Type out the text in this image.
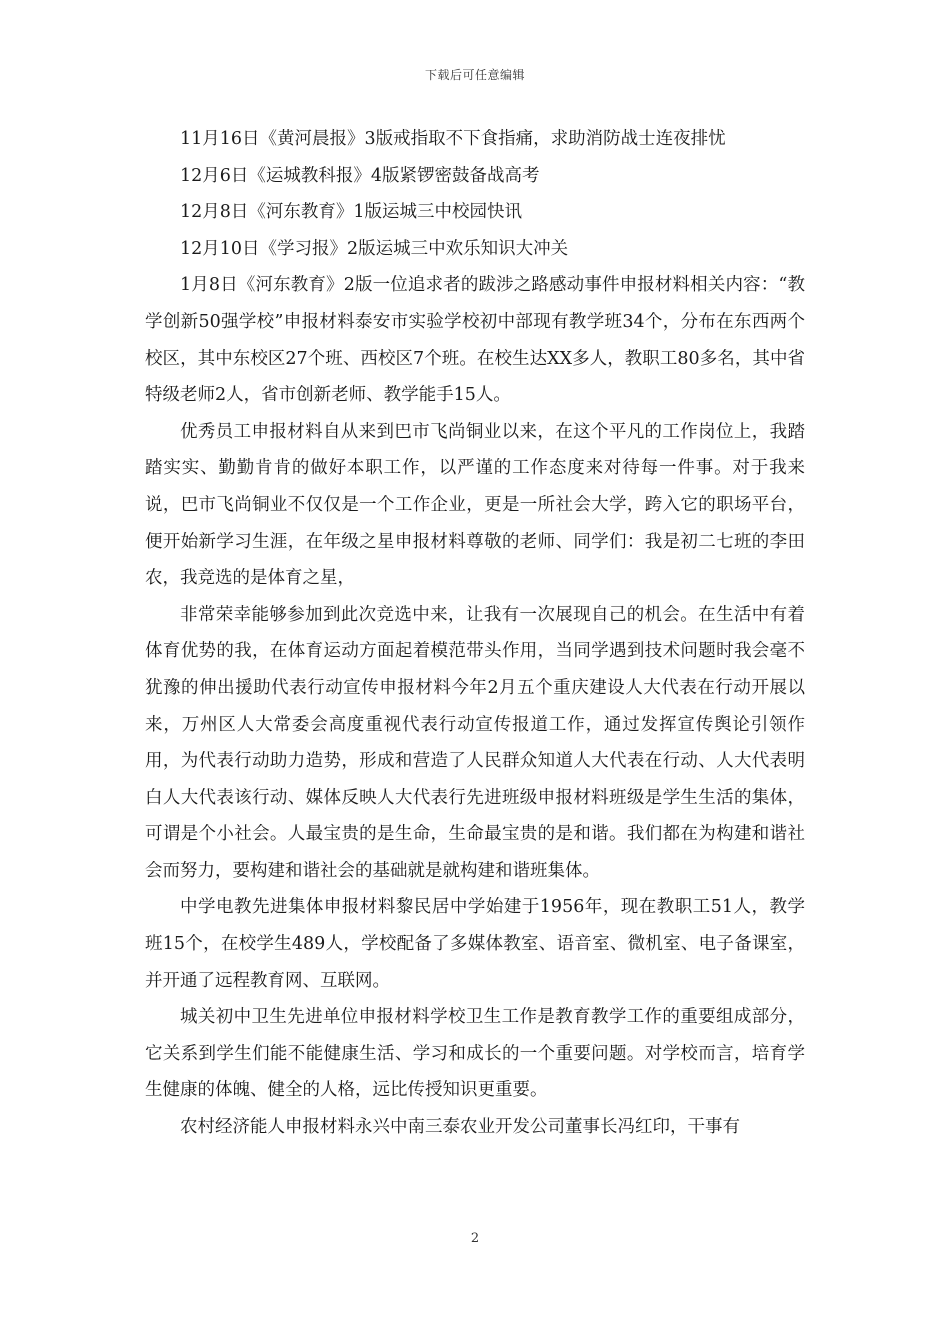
下载后可任意编辑

11月16日《黄河晨报》3版戒指取不下食指痛，求助消防战士连夜排忧

12月6日《运城教科报》4版紧锣密鼓备战高考

12月8日《河东教育》1版运城三中校园快讯

12月10日《学习报》2版运城三中欢乐知识大冲关

1月8日《河东教育》2版一位追求者的跋涉之路感动事件申报材料相关内容：“教学创新50强学校”申报材料泰安市实验学校初中部现有教学班34个，分布在东西两个校区，其中东校区27个班、西校区7个班。在校生达XX多人，教职工80多名，其中省特级老师2人，省市创新老师、教学能手15人。

优秀员工申报材料自从来到巴市飞尚铜业以来，在这个平凡的工作岗位上，我踏踏实实、勤勤肯肯的做好本职工作，以严谨的工作态度来对待每一件事。对于我来说，巴市飞尚铜业不仅仅是一个工作企业，更是一所社会大学，跨入它的职场平台，便开始新学习生涯，在年级之星申报材料尊敬的老师、同学们：我是初二七班的李田农，我竞选的是体育之星，

非常荣幸能够参加到此次竞选中来，让我有一次展现自己的机会。在生活中有着体育优势的我，在体育运动方面起着模范带头作用，当同学遇到技术问题时我会毫不犹豫的伸出援助代表行动宣传申报材料今年2月五个重庆建设人大代表在行动开展以来，万州区人大常委会高度重视代表行动宣传报道工作，通过发挥宣传舆论引领作用，为代表行动助力造势，形成和营造了人民群众知道人大代表在行动、人大代表明白人大代表该行动、媒体反映人大代表行先进班级申报材料班级是学生生活的集体，可谓是个小社会。人最宝贵的是生命，生命最宝贵的是和谐。我们都在为构建和谐社会而努力，要构建和谐社会的基础就是就构建和谐班集体。

中学电教先进集体申报材料黎民居中学始建于1956年，现在教职工51人，教学班15个，在校学生489人，学校配备了多媒体教室、语音室、微机室、电子备课室，并开通了远程教育网、互联网。

城关初中卫生先进单位申报材料学校卫生工作是教育教学工作的重要组成部分，它关系到学生们能不能健康生活、学习和成长的一个重要问题。对学校而言，培育学生健康的体魄、健全的人格，远比传授知识更重要。

农村经济能人申报材料永兴中南三泰农业开发公司董事长冯红印，干事有

2
